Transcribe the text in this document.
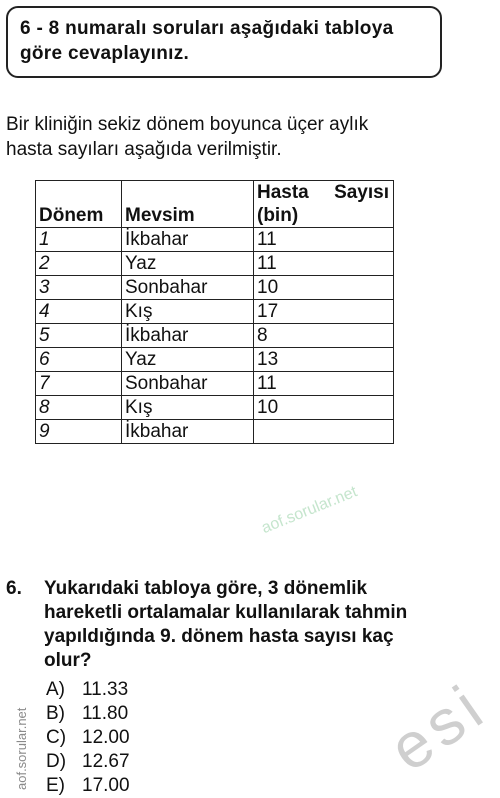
6 - 8 numaralı soruları aşağıdaki tabloya
göre cevaplayınız.
Bir kliniğin sekiz dönem boyunca üçer aylık
hasta sayıları aşağıda verilmiştir.
Dönem	Mevsim	Hasta Sayısı
(bin)

1	İkbahar	11
2	Yaz	11
3	Sonbahar	10
4	Kış	17
5	İkbahar	8
6	Yaz	13
7	Sonbahar	11
8	Kış	10
9	İkbahar	
aof.sorular.net
esi
6. Yukarıdaki tabloya göre, 3 dönemlik
hareketli ortalamalar kullanılarak tahmin
yapıldığında 9. dönem hasta sayısı kaç
olur?
A) 11.33
B) 11.80
C) 12.00
D) 12.67
E) 17.00
aof.sorular.net
